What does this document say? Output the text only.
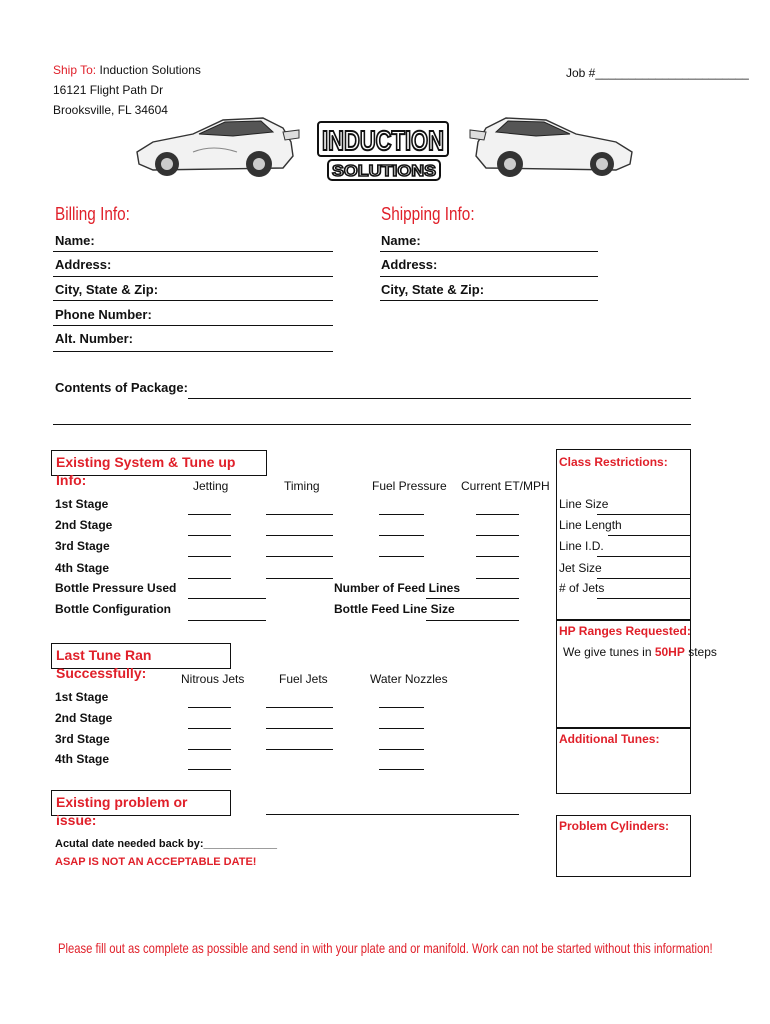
Ship To: Induction Solutions
16121 Flight Path Dr
Brooksville, FL 34604
Job #_______________________
INDUCTION
SOLUTIONS
Billing Info:
Name:
Address:
City, State & Zip:
Phone Number:
Alt. Number:
Shipping Info:
Name:
Address:
City, State & Zip:
Contents of Package:
Existing System & Tune up Info:	Jetting	Timing	Fuel Pressure Current ET/MPH
1st Stage
2nd Stage
3rd Stage
4th Stage
Bottle Pressure Used
Bottle Configuration
Number of Feed Lines
Bottle Feed Line Size
Last Tune Ran Successfully:	Nitrous Jets	Fuel Jets	Water Nozzles
1st Stage
2nd Stage
3rd Stage
4th Stage
Existing problem or issue:
Acutal date needed back by:____________
ASAP IS NOT AN ACCEPTABLE DATE!
Class Restrictions:
Line Size
Line Length
Line I.D.
Jet Size
# of Jets
HP Ranges Requested:
We give tunes in 50HP steps
Additional Tunes:
Problem Cylinders:
Please fill out as complete as possible and send in with your plate and or manifold. Work can not be started without this information!
